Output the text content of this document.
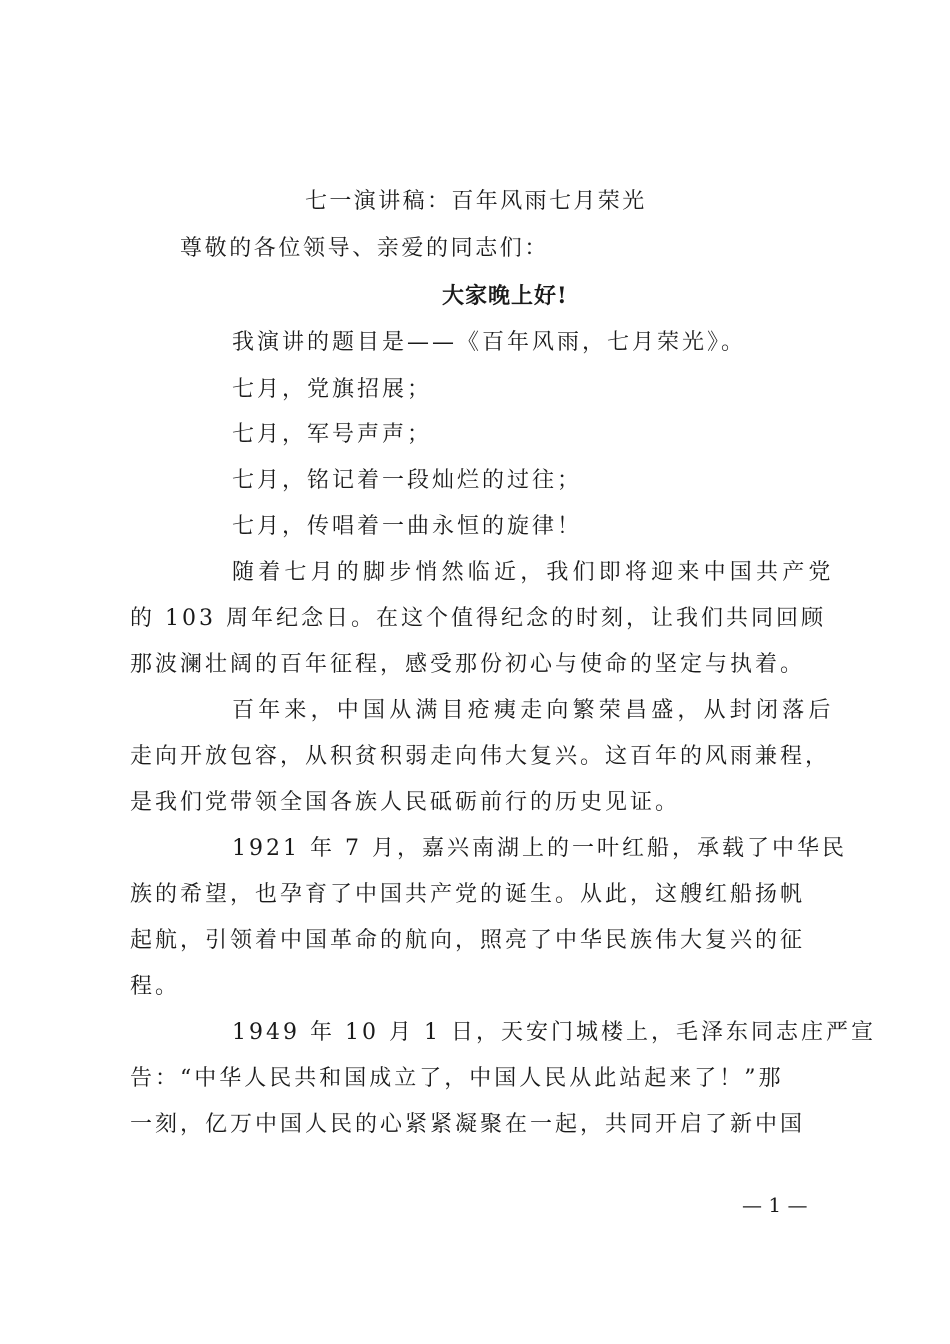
七一演讲稿：百年风雨七月荣光
尊敬的各位领导、亲爱的同志们：
大家晚上好!
我演讲的题目是——《百年风雨，七月荣光》。
七月，党旗招展；
七月，军号声声；
七月，铭记着一段灿烂的过往；
七月，传唱着一曲永恒的旋律！
随着七月的脚步悄然临近，我们即将迎来中国共产党
的 103 周年纪念日。在这个值得纪念的时刻，让我们共同回顾
那波澜壮阔的百年征程，感受那份初心与使命的坚定与执着。
百年来，中国从满目疮痍走向繁荣昌盛，从封闭落后
走向开放包容，从积贫积弱走向伟大复兴。这百年的风雨兼程，
是我们党带领全国各族人民砥砺前行的历史见证。
1921 年 7 月，嘉兴南湖上的一叶红船，承载了中华民
族的希望，也孕育了中国共产党的诞生。从此，这艘红船扬帆
起航，引领着中国革命的航向，照亮了中华民族伟大复兴的征
程。
1949 年 10 月 1 日，天安门城楼上，毛泽东同志庄严宣
告：“中华人民共和国成立了，中国人民从此站起来了！”那
一刻，亿万中国人民的心紧紧凝聚在一起，共同开启了新中国
— 1 —
